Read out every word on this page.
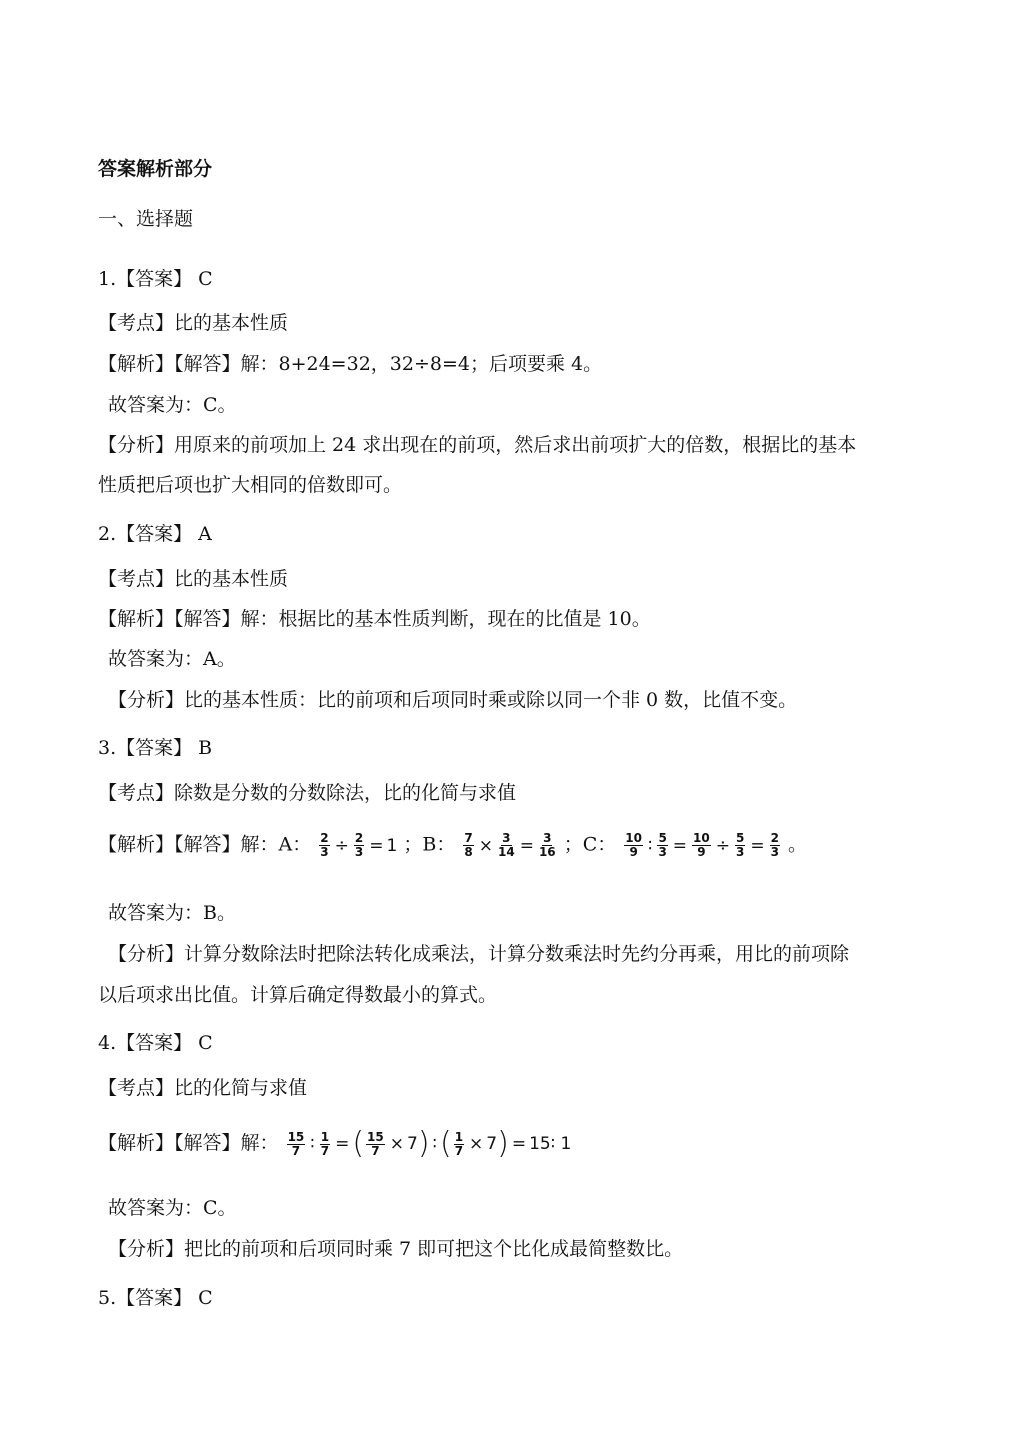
答案解析部分
一、选择题
1.【答案】 C
【考点】比的基本性质
【解析】【解答】解：8+24=32，32÷8=4；后项要乘 4。
故答案为：C。
【分析】用原来的前项加上 24 求出现在的前项，然后求出前项扩大的倍数，根据比的基本
性质把后项也扩大相同的倍数即可。
2.【答案】 A
【考点】比的基本性质
【解析】【解答】解：根据比的基本性质判断，现在的比值是 10。
故答案为：A。
【分析】比的基本性质：比的前项和后项同时乘或除以同一个非 0 数，比值不变。
3.【答案】 B
【考点】除数是分数的分数除法，比的化简与求值
【解析】【解答】解：A： $\frac{2}{3} \div \frac{2}{3} = 1$ ；B： $\frac{7}{8} \times \frac{3}{14} = \frac{3}{16}$ ；C： $\frac{10}{9}$ ∶ $\frac{5}{3} = \frac{10}{9} \div \frac{5}{3} = \frac{2}{3}$ 。
故答案为：B。
【分析】计算分数除法时把除法转化成乘法，计算分数乘法时先约分再乘，用比的前项除
以后项求出比值。计算后确定得数最小的算式。
4.【答案】 C
【考点】比的化简与求值
【解析】【解答】解： $\frac{15}{7}$ ∶ $\frac{1}{7}$ = ( $\frac{15}{7} \times 7$ ) ∶ ( $\frac{1}{7} \times 7$ ) = 15∶ 1
故答案为：C。
【分析】把比的前项和后项同时乘 7 即可把这个比化成最简整数比。
5.【答案】 C
